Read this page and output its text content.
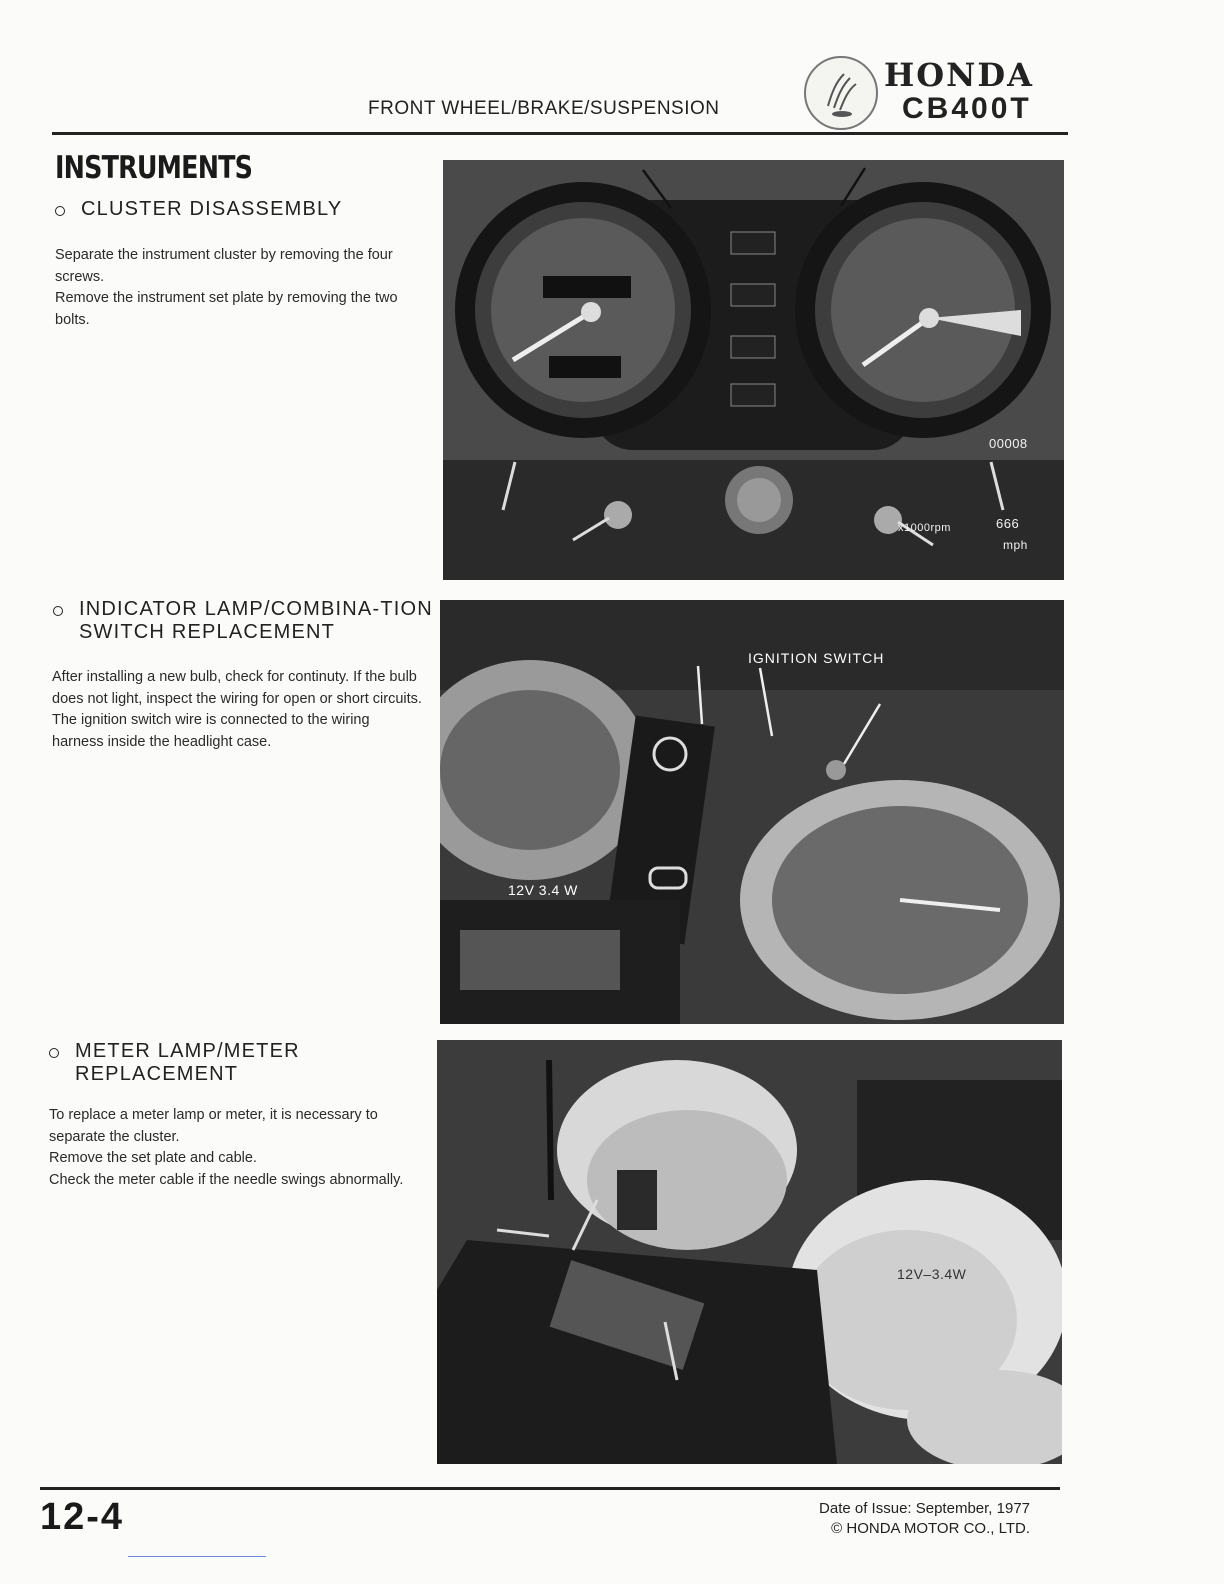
FRONT WHEEL/BRAKE/SUSPENSION
HONDA
CB400T
INSTRUMENTS
CLUSTER DISASSEMBLY

Separate the instrument cluster by removing the four screws.

Remove the instrument set plate by removing the two bolts.

INDICATOR LAMP/COMBINA-TION SWITCH REPLACEMENT

After installing a new bulb, check for continuty. If the bulb does not light, inspect the wiring for open or short circuits. The ignition switch wire is connected to the wiring harness inside the headlight case.

METER LAMP/METER REPLACEMENT

To replace a meter lamp or meter, it is necessary to separate the cluster.

Remove the set plate and cable.

Check the meter cable if the needle swings abnormally.

00008
666
mph
x1000rpm
IGNITION SWITCH
12V 3.4 W
12V–3.4W
12-4	Date of Issue: September, 1977
© HONDA MOTOR CO., LTD.
